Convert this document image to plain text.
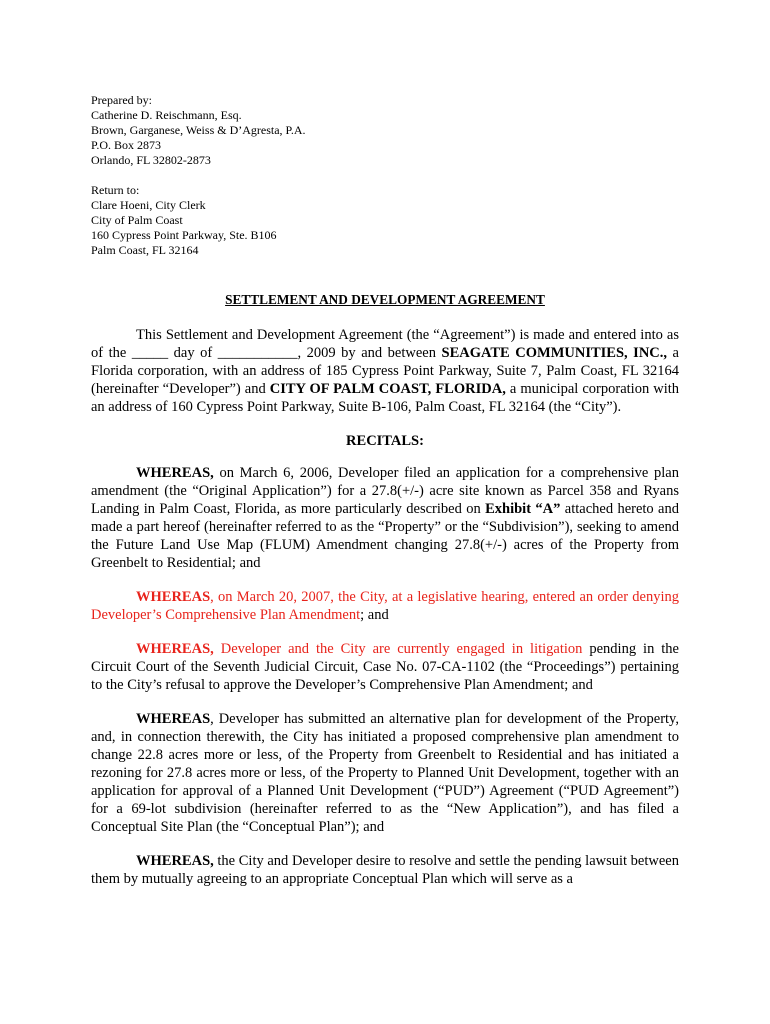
Prepared by:
Catherine D. Reischmann, Esq.
Brown, Garganese, Weiss & D’Agresta, P.A.
P.O. Box 2873
Orlando, FL 32802-2873
Return to:
Clare Hoeni, City Clerk
City of Palm Coast
160 Cypress Point Parkway, Ste. B106
Palm Coast, FL 32164
SETTLEMENT AND DEVELOPMENT AGREEMENT

This Settlement and Development Agreement (the “Agreement”) is made and entered into as of the _____ day of ___________, 2009 by and between SEAGATE COMMUNITIES, INC., a Florida corporation, with an address of 185 Cypress Point Parkway, Suite 7, Palm Coast, FL 32164 (hereinafter “Developer”) and CITY OF PALM COAST, FLORIDA, a municipal corporation with an address of 160 Cypress Point Parkway, Suite B-106, Palm Coast, FL 32164 (the “City”).

RECITALS:

WHEREAS, on March 6, 2006, Developer filed an application for a comprehensive plan amendment (the “Original Application”) for a 27.8(+/-) acre site known as Parcel 358 and Ryans Landing in Palm Coast, Florida, as more particularly described on Exhibit “A” attached hereto and made a part hereof (hereinafter referred to as the “Property” or the “Subdivision”), seeking to amend the Future Land Use Map (FLUM) Amendment changing 27.8(+/-) acres of the Property from Greenbelt to Residential; and

WHEREAS, on March 20, 2007, the City, at a legislative hearing, entered an order denying Developer’s Comprehensive Plan Amendment; and

WHEREAS, Developer and the City are currently engaged in litigation pending in the Circuit Court of the Seventh Judicial Circuit, Case No. 07-CA-1102 (the “Proceedings”) pertaining to the City’s refusal to approve the Developer’s Comprehensive Plan Amendment; and

WHEREAS, Developer has submitted an alternative plan for development of the Property, and, in connection therewith, the City has initiated a proposed comprehensive plan amendment to change 22.8 acres more or less, of the Property from Greenbelt to Residential and has initiated a rezoning for 27.8 acres more or less, of the Property to Planned Unit Development, together with an application for approval of a Planned Unit Development (“PUD”) Agreement (“PUD Agreement”) for a 69-lot subdivision (hereinafter referred to as the “New Application”), and has filed a Conceptual Site Plan (the “Conceptual Plan”); and

WHEREAS, the City and Developer desire to resolve and settle the pending lawsuit between them by mutually agreeing to an appropriate Conceptual Plan which will serve as a
